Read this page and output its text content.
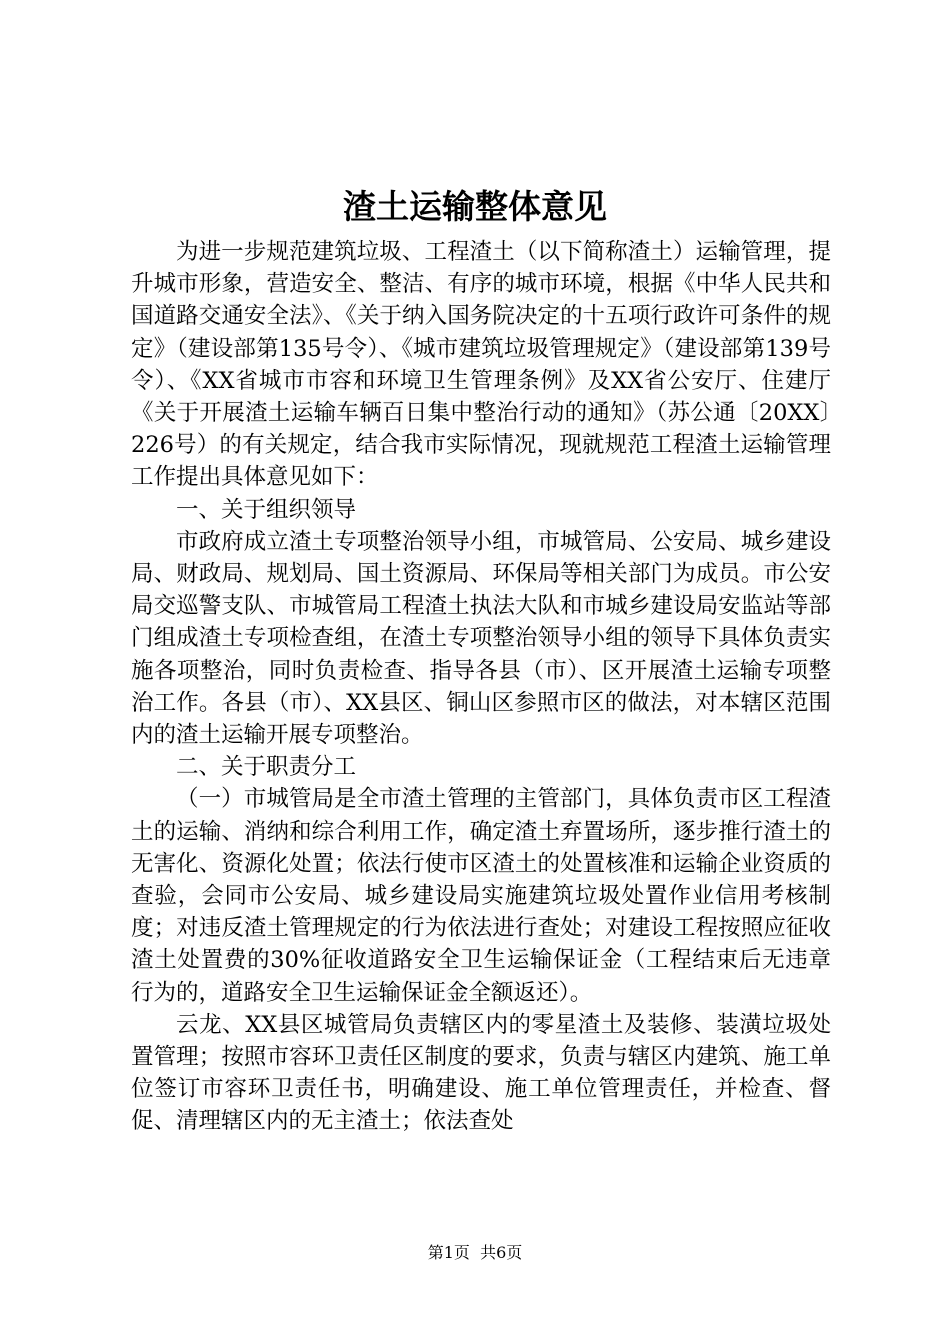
渣土运输整体意见

为进一步规范建筑垃圾、工程渣土（以下简称渣土）运输管理，提升城市形象，营造安全、整洁、有序的城市环境，根据《中华人民共和国道路交通安全法》、《关于纳入国务院决定的十五项行政许可条件的规定》（建设部第135号令）、《城市建筑垃圾管理规定》（建设部第139号令）、《XX省城市市容和环境卫生管理条例》及XX省公安厅、住建厅《关于开展渣土运输车辆百日集中整治行动的通知》（苏公通〔20XX〕226号）的有关规定，结合我市实际情况，现就规范工程渣土运输管理工作提出具体意见如下：

一、关于组织领导

市政府成立渣土专项整治领导小组，市城管局、公安局、城乡建设局、财政局、规划局、国土资源局、环保局等相关部门为成员。市公安局交巡警支队、市城管局工程渣土执法大队和市城乡建设局安监站等部门组成渣土专项检查组，在渣土专项整治领导小组的领导下具体负责实施各项整治，同时负责检查、指导各县（市）、区开展渣土运输专项整治工作。各县（市）、XX县区、铜山区参照市区的做法，对本辖区范围内的渣土运输开展专项整治。

二、关于职责分工

（一）市城管局是全市渣土管理的主管部门，具体负责市区工程渣土的运输、消纳和综合利用工作，确定渣土弃置场所，逐步推行渣土的无害化、资源化处置；依法行使市区渣土的处置核准和运输企业资质的查验，会同市公安局、城乡建设局实施建筑垃圾处置作业信用考核制度；对违反渣土管理规定的行为依法进行查处；对建设工程按照应征收渣土处置费的30%征收道路安全卫生运输保证金（工程结束后无违章行为的，道路安全卫生运输保证金全额返还）。

云龙、XX县区城管局负责辖区内的零星渣土及装修、装潢垃圾处置管理；按照市容环卫责任区制度的要求，负责与辖区内建筑、施工单位签订市容环卫责任书，明确建设、施工单位管理责任，并检查、督促、清理辖区内的无主渣土；依法查处

第1页 共6页
